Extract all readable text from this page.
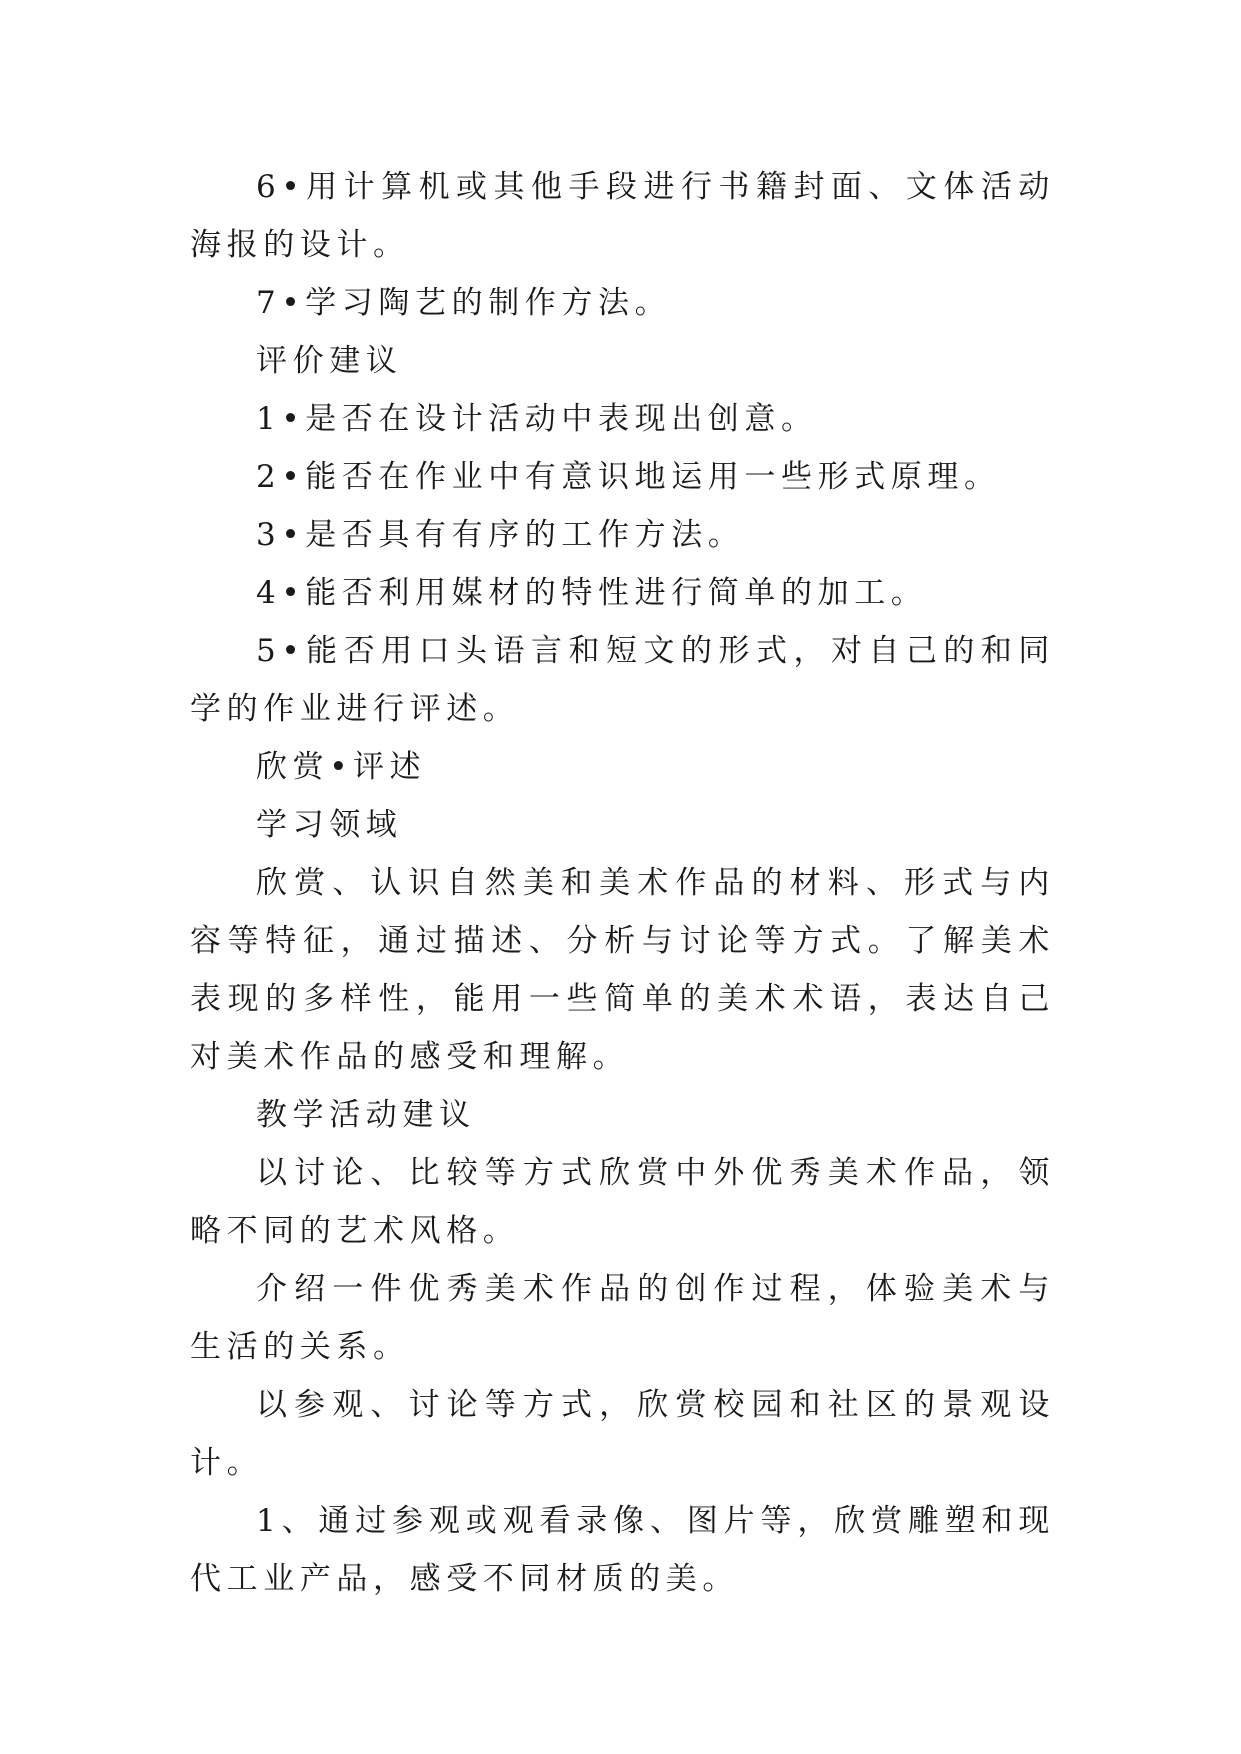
6•用计算机或其他手段进行书籍封面、文体活动海报的设计。

7•学习陶艺的制作方法。

评价建议

1•是否在设计活动中表现出创意。

2•能否在作业中有意识地运用一些形式原理。

3•是否具有有序的工作方法。

4•能否利用媒材的特性进行简单的加工。

5•能否用口头语言和短文的形式，对自己的和同学的作业进行评述。

欣赏•评述

学习领域

欣赏、认识自然美和美术作品的材料、形式与内容等特征，通过描述、分析与讨论等方式。了解美术表现的多样性，能用一些简单的美术术语，表达自己对美术作品的感受和理解。

教学活动建议

以讨论、比较等方式欣赏中外优秀美术作品，领略不同的艺术风格。

介绍一件优秀美术作品的创作过程，体验美术与生活的关系。

以参观、讨论等方式，欣赏校园和社区的景观设计。

1、通过参观或观看录像、图片等，欣赏雕塑和现代工业产品，感受不同材质的美。
